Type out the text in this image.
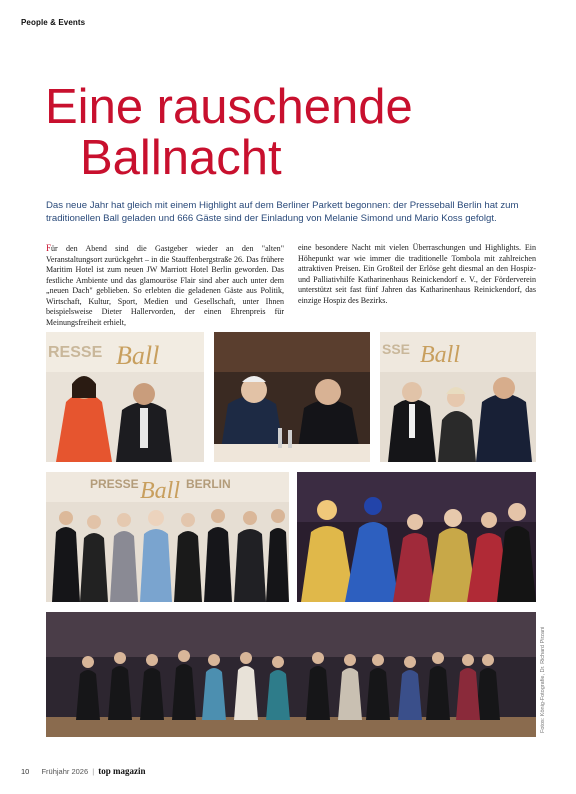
People & Events
Eine rauschende
Ballnacht

Das neue Jahr hat gleich mit einem Highlight auf dem Berliner Parkett begonnen: der Presseball Berlin hat zum traditionellen Ball geladen und 666 Gäste sind der Einladung von Melanie Simond und Mario Koss gefolgt.

Für den Abend sind die Gastgeber wieder an den "alten" Veranstaltungsort zurückgehrt – in die Stauffenbergstraße 26. Das frühere Maritim Hotel ist zum neuen JW Marriott Hotel Berlin geworden. Das festliche Ambiente und das glamouröse Flair sind aber auch unter dem „neuen Dach" geblieben. So erlebten die geladenen Gäste aus Politik, Wirtschaft, Kultur, Sport, Medien und Gesellschaft, unter Ihnen beispielsweise Dieter Hallervorden, der einen Ehrenpreis für Meinungsfreiheit erhielt,

eine besondere Nacht mit vielen Überraschungen und Highlights. Ein Höhepunkt war wie immer die traditionelle Tombola mit zahlreichen attraktiven Preisen. Ein Großteil der Erlöse geht diesmal an den Hospiz- und Palliativhilfe Katharinenhaus Reinickendorf e. V., der Förderverein unterstützt seit fast fünf Jahren das Katharinenhaus Reinickendorf, das einzige Hospiz des Bezirks.

RESSE Ball	SSE Ball
PRESSE Ball BERLIN
Fotos: König-Fotografie, Dr. Richard Pirzani
10 Frühjahr 2026 | top magazin
